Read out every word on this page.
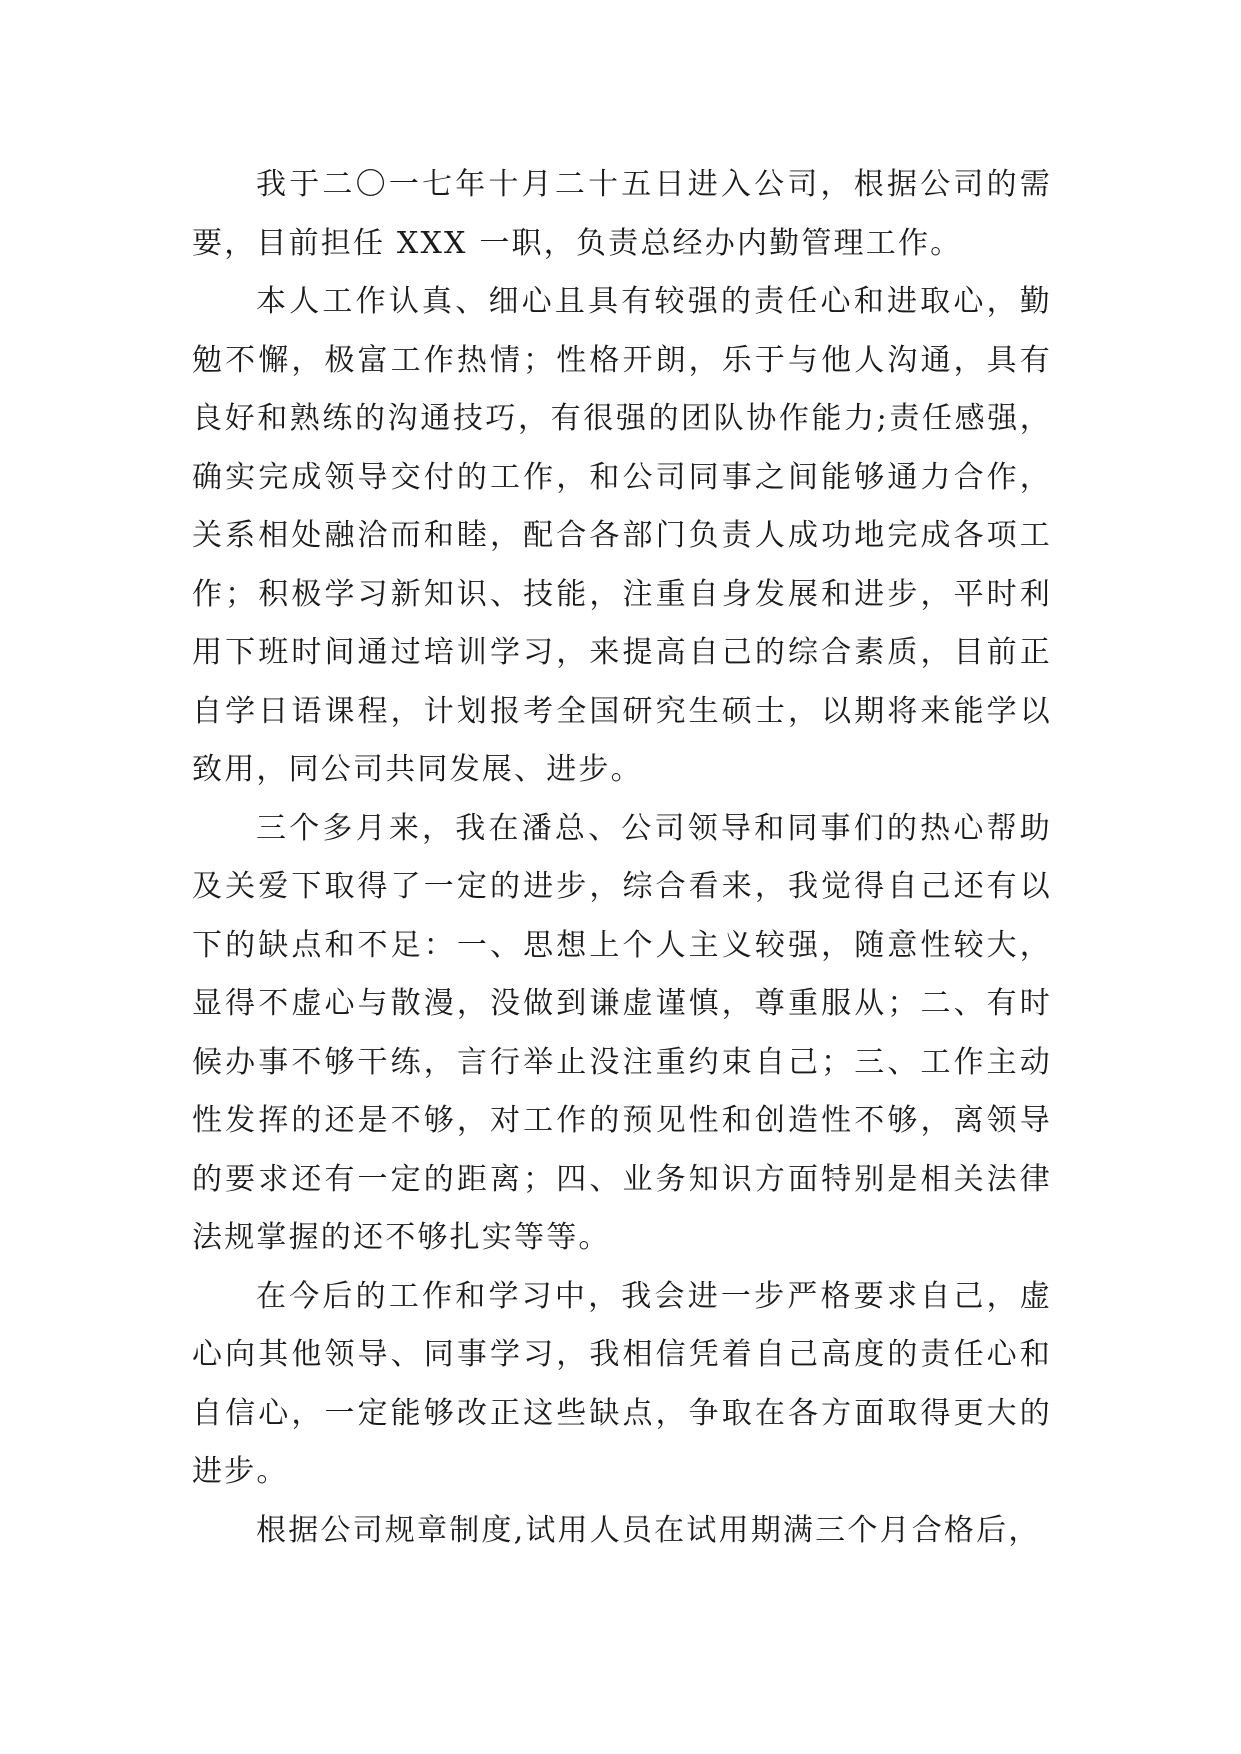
我于二〇一七年十月二十五日进入公司，根据公司的需要，目前担任 XXX 一职，负责总经办内勤管理工作。

本人工作认真、细心且具有较强的责任心和进取心，勤勉不懈，极富工作热情；性格开朗，乐于与他人沟通，具有良好和熟练的沟通技巧，有很强的团队协作能力;责任感强，确实完成领导交付的工作，和公司同事之间能够通力合作，关系相处融洽而和睦，配合各部门负责人成功地完成各项工作；积极学习新知识、技能，注重自身发展和进步，平时利用下班时间通过培训学习，来提高自己的综合素质，目前正自学日语课程，计划报考全国研究生硕士，以期将来能学以致用，同公司共同发展、进步。

三个多月来，我在潘总、公司领导和同事们的热心帮助及关爱下取得了一定的进步，综合看来，我觉得自己还有以下的缺点和不足：一、思想上个人主义较强，随意性较大，显得不虚心与散漫，没做到谦虚谨慎，尊重服从；二、有时候办事不够干练，言行举止没注重约束自己；三、工作主动性发挥的还是不够，对工作的预见性和创造性不够，离领导的要求还有一定的距离；四、业务知识方面特别是相关法律法规掌握的还不够扎实等等。

在今后的工作和学习中，我会进一步严格要求自己，虚心向其他领导、同事学习，我相信凭着自己高度的责任心和自信心，一定能够改正这些缺点，争取在各方面取得更大的进步。

根据公司规章制度,试用人员在试用期满三个月合格后，
